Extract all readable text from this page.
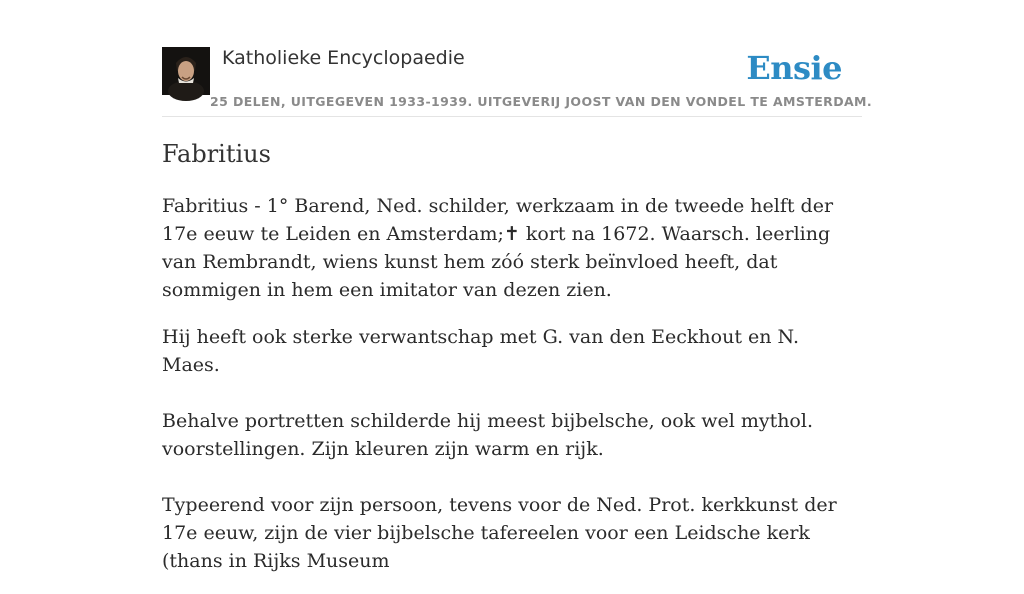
Katholieke Encyclopaedie
25 DELEN, UITGEGEVEN 1933-1939. UITGEVERIJ JOOST VAN DEN VONDEL TE AMSTERDAM.
Ensie
Fabritius

Fabritius - 1° Barend, Ned. schilder, werkzaam in de tweede helft der 17e eeuw te Leiden en Amsterdam;✝ kort na 1672. Waarsch. leerling van Rembrandt, wiens kunst hem zóó sterk beïnvloed heeft, dat sommigen in hem een imitator van dezen zien.

Hij heeft ook sterke verwantschap met G. van den Eeckhout en N. Maes.

Behalve portretten schilderde hij meest bijbelsche, ook wel mythol. voorstellingen. Zijn kleuren zijn warm en rijk.

Typeerend voor zijn persoon, tevens voor de Ned. Prot. kerkkunst der 17e eeuw, zijn de vier bijbelsche tafereelen voor een Leidsche kerk (thans in Rijks Museum
